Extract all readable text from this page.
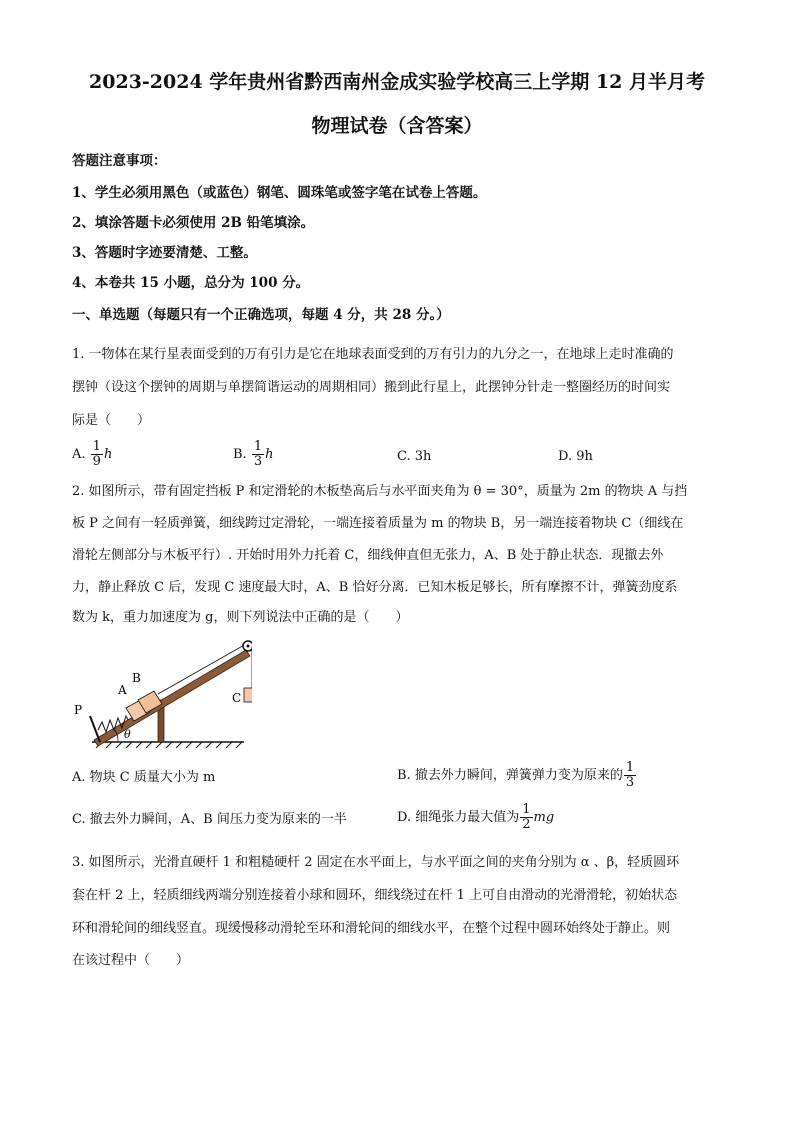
2023-2024 学年贵州省黔西南州金成实验学校高三上学期 12 月半月考
物理试卷（含答案）
答题注意事项：
1、学生必须用黑色（或蓝色）钢笔、圆珠笔或签字笔在试卷上答题。
2、填涂答题卡必须使用 2B 铅笔填涂。
3、答题时字迹要清楚、工整。
4、本卷共 15 小题，总分为 100 分。
一、单选题（每题只有一个正确选项，每题 4 分，共 28 分。）
1. 一物体在某行星表面受到的万有引力是它在地球表面受到的万有引力的九分之一，在地球上走时准确的
摆钟（设这个摆钟的周期与单摆简谐运动的周期相同）搬到此行星上，此摆钟分针走一整圈经历的时间实
际是（　　）
A. $\frac{1}{9}$ h	B. $\frac{1}{3}$ h	C. 3h	D. 9h
2. 如图所示，带有固定挡板 P 和定滑轮的木板垫高后与水平面夹角为 θ = 30°，质量为 2m 的物块 A 与挡
板 P 之间有一轻质弹簧，细线跨过定滑轮，一端连接着质量为 m 的物块 B，另一端连接着物块 C（细线在
滑轮左侧部分与木板平行）. 开始时用外力托着 C，细线伸直但无张力，A、B 处于静止状态．现撤去外
力，静止释放 C 后，发现 C 速度最大时，A、B 恰好分离．已知木板足够长，所有摩擦不计，弹簧劲度系
数为 k，重力加速度为 g，则下列说法中正确的是（　　）
P
A
B
C
θ
A. 物块 C 质量大小为 m	B. 撤去外力瞬间，弹簧弹力变为原来的 $\frac{1}{3}$
C. 撤去外力瞬间，A、B 间压力变为原来的一半	D. 细绳张力最大值为 $\frac{1}{2}$ mg
3. 如图所示，光滑直硬杆 1 和粗糙硬杆 2 固定在水平面上，与水平面之间的夹角分别为 α 、β，轻质圆环
套在杆 2 上，轻质细线两端分别连接着小球和圆环，细线绕过在杆 1 上可自由滑动的光滑滑轮，初始状态
环和滑轮间的细线竖直。现缓慢移动滑轮至环和滑轮间的细线水平，在整个过程中圆环始终处于静止。则
在该过程中（　　）
